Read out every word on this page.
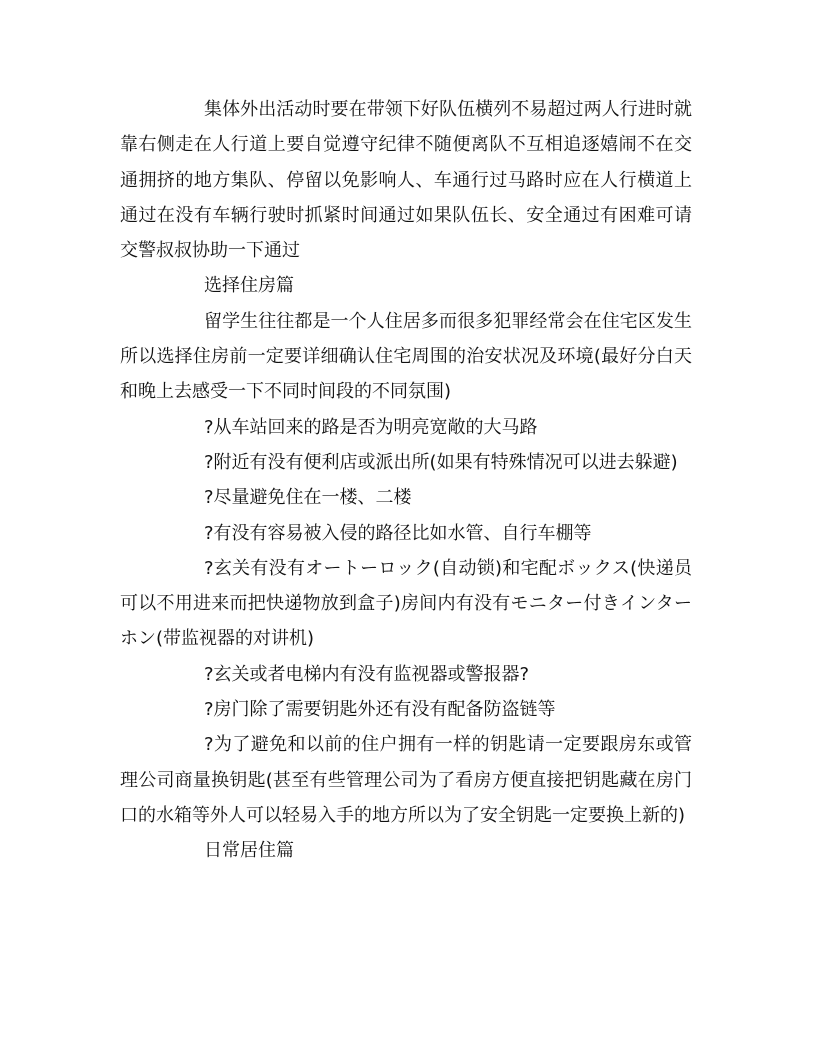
集体外出活动时要在带领下好队伍横列不易超过两人行进时就靠右侧走在人行道上要自觉遵守纪律不随便离队不互相追逐嬉闹不在交通拥挤的地方集队、停留以免影响人、车通行过马路时应在人行横道上通过在没有车辆行驶时抓紧时间通过如果队伍长、安全通过有困难可请交警叔叔协助一下通过

选择住房篇

留学生往往都是一个人住居多而很多犯罪经常会在住宅区发生所以选择住房前一定要详细确认住宅周围的治安状况及环境(最好分白天和晚上去感受一下不同时间段的不同氛围)

?从车站回来的路是否为明亮宽敞的大马路

?附近有没有便利店或派出所(如果有特殊情况可以进去躲避)

?尽量避免住在一楼、二楼

?有没有容易被入侵的路径比如水管、自行车棚等

?玄关有没有オートーロック(自动锁)和宅配ボックス(快递员可以不用进来而把快递物放到盒子)房间内有没有モニター付きインターホン(带监视器的对讲机)

?玄关或者电梯内有没有监视器或警报器?

?房门除了需要钥匙外还有没有配备防盗链等

?为了避免和以前的住户拥有一样的钥匙请一定要跟房东或管理公司商量换钥匙(甚至有些管理公司为了看房方便直接把钥匙藏在房门口的水箱等外人可以轻易入手的地方所以为了安全钥匙一定要换上新的)

日常居住篇
